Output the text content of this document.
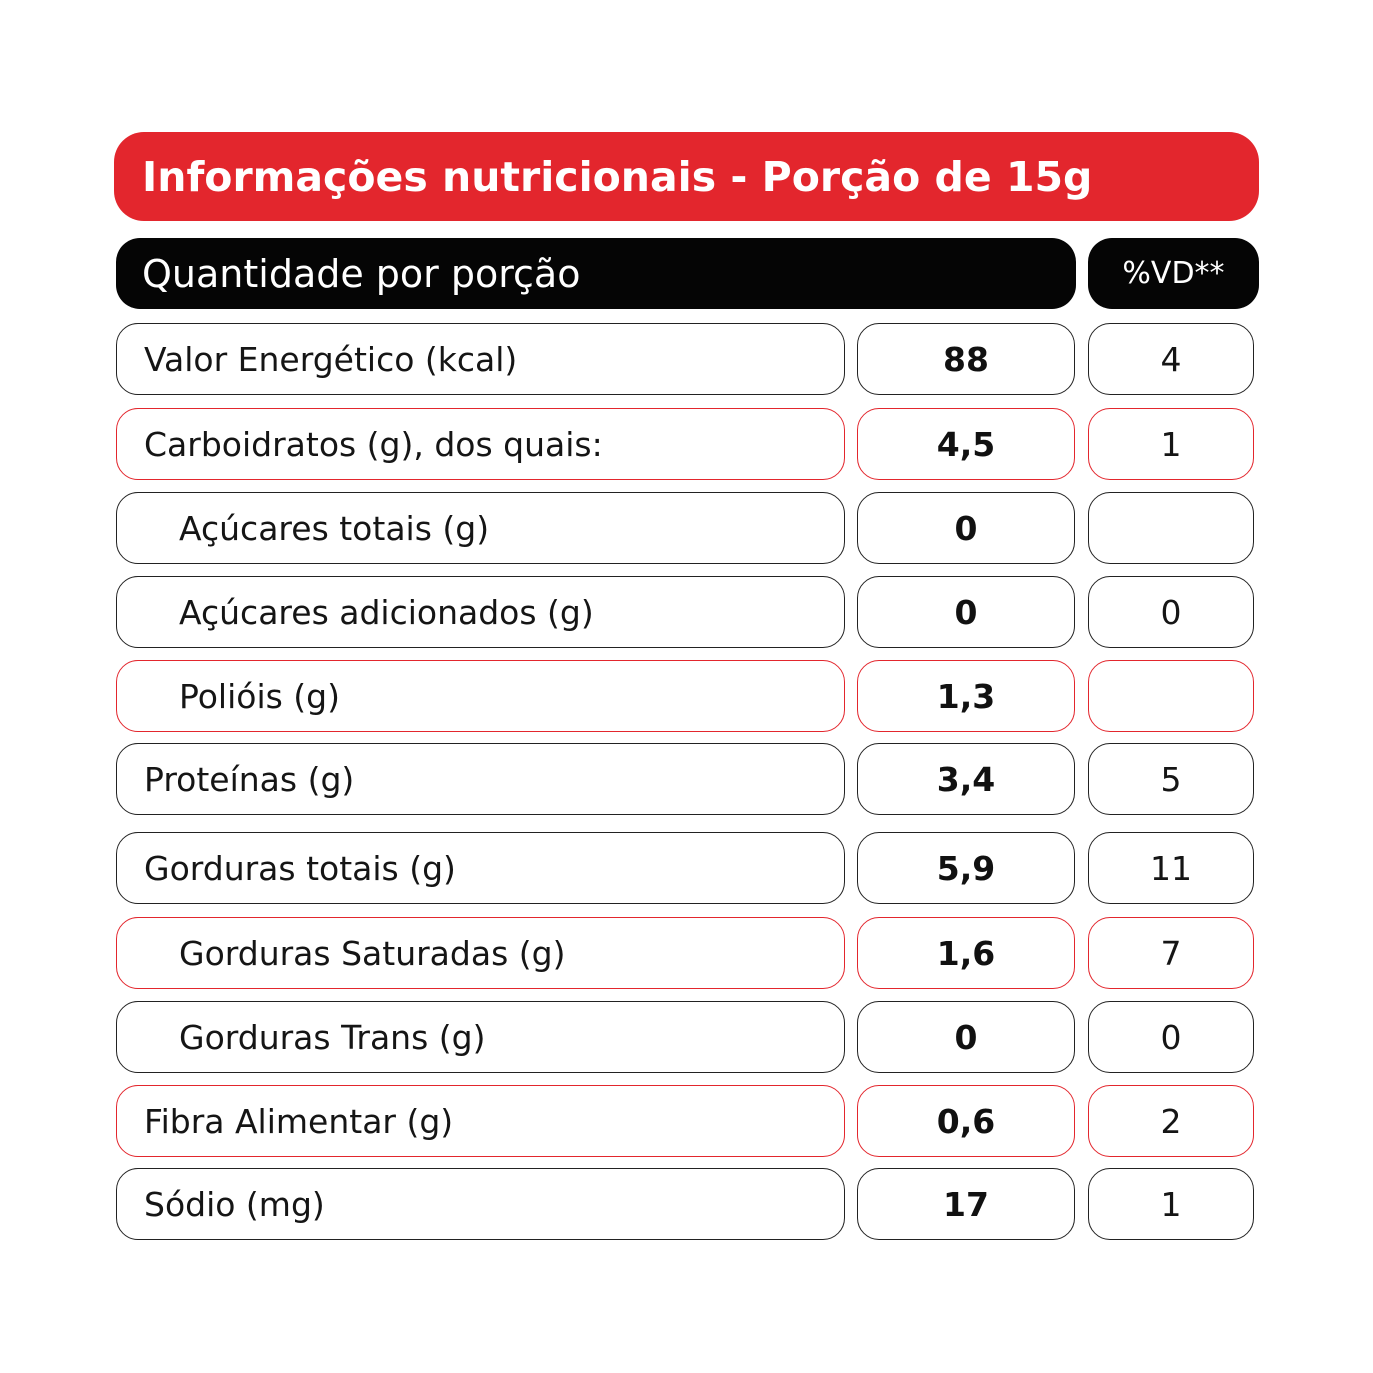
Informações nutricionais - Porção de 15g
Quantidade por porção	%VD**
Valor Energético (kcal)	88	4
Carboidratos (g), dos quais:	4,5	1
Açúcares totais (g)	0
Açúcares adicionados (g)	0	0
Polióis (g)	1,3
Proteínas (g)	3,4	5
Gorduras totais (g)	5,9	11
Gorduras Saturadas (g)	1,6	7
Gorduras Trans (g)	0	0
Fibra Alimentar (g)	0,6	2
Sódio (mg)	17	1
